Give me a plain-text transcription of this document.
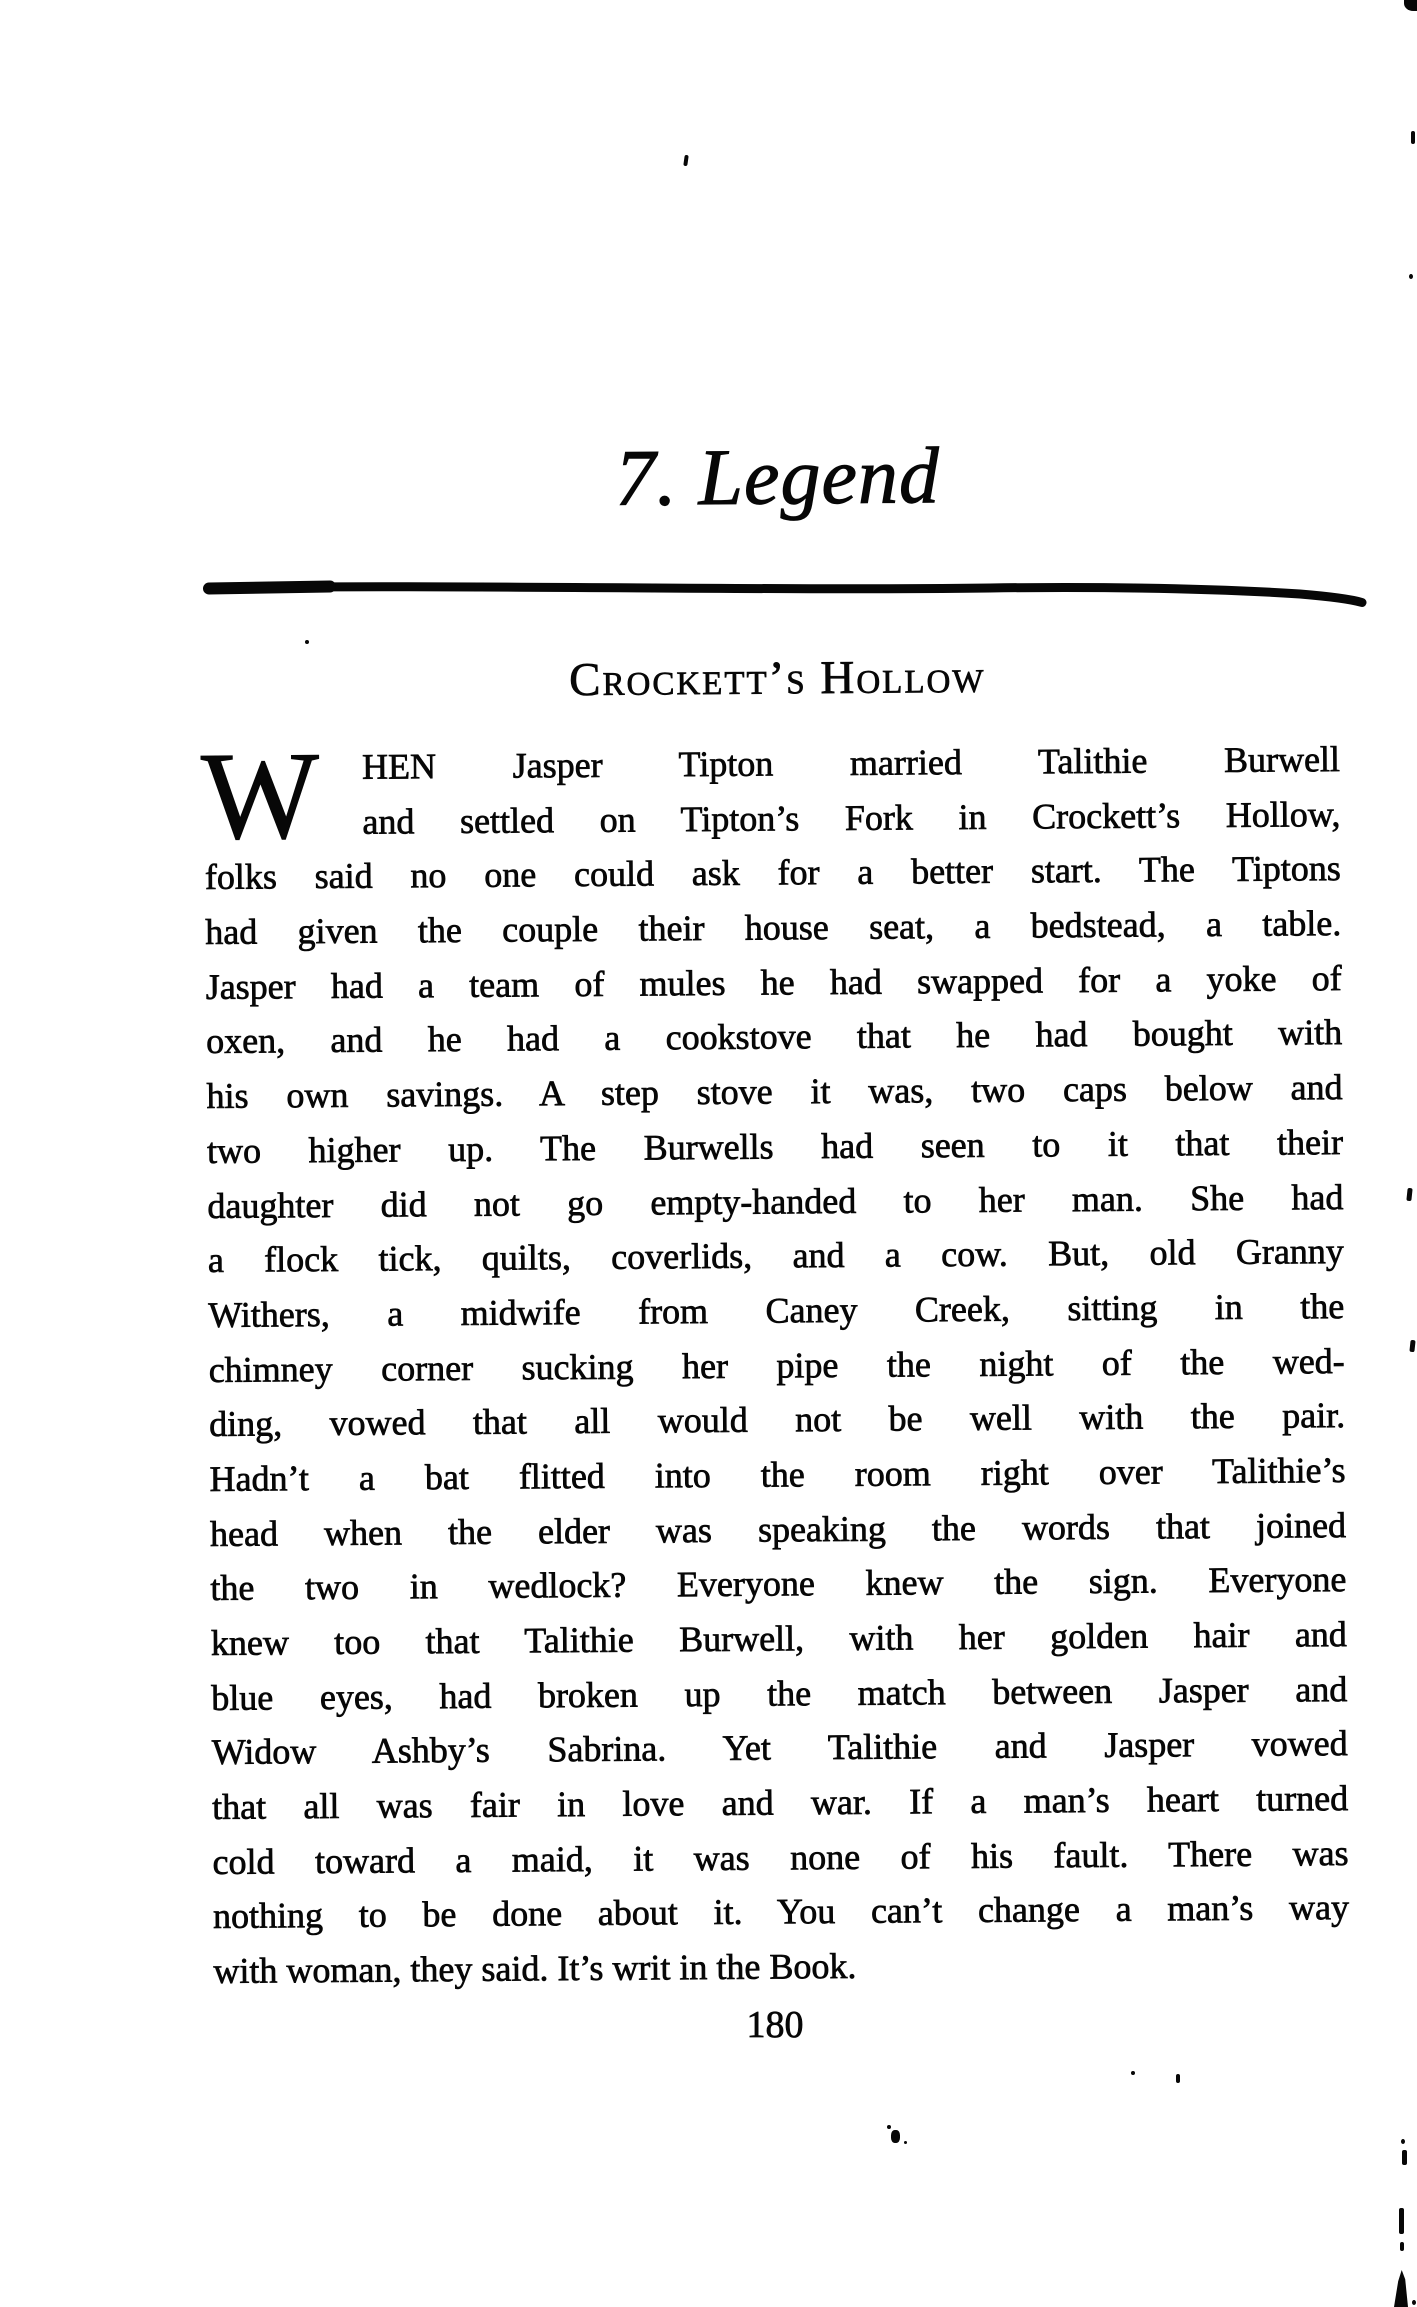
7. Legend
Crockett’s Hollow
W HEN Jasper Tipton married Talithie Burwell
and settled on Tipton’s Fork in Crockett’s Hollow,
folks said no one could ask for a better start. The Tiptons
had given the couple their house seat, a bedstead, a table.
Jasper had a team of mules he had swapped for a yoke of
oxen, and he had a cookstove that he had bought with
his own savings. A step stove it was, two caps below and
two higher up. The Burwells had seen to it that their
daughter did not go empty-handed to her man. She had
a flock tick, quilts, coverlids, and a cow. But, old Granny
Withers, a midwife from Caney Creek, sitting in the
chimney corner sucking her pipe the night of the wed-
ding, vowed that all would not be well with the pair.
Hadn’t a bat flitted into the room right over Talithie’s
head when the elder was speaking the words that joined
the two in wedlock? Everyone knew the sign. Everyone
knew too that Talithie Burwell, with her golden hair and
blue eyes, had broken up the match between Jasper and
Widow Ashby’s Sabrina. Yet Talithie and Jasper vowed
that all was fair in love and war. If a man’s heart turned
cold toward a maid, it was none of his fault. There was
nothing to be done about it. You can’t change a man’s way
with woman, they said. It’s writ in the Book.
180
